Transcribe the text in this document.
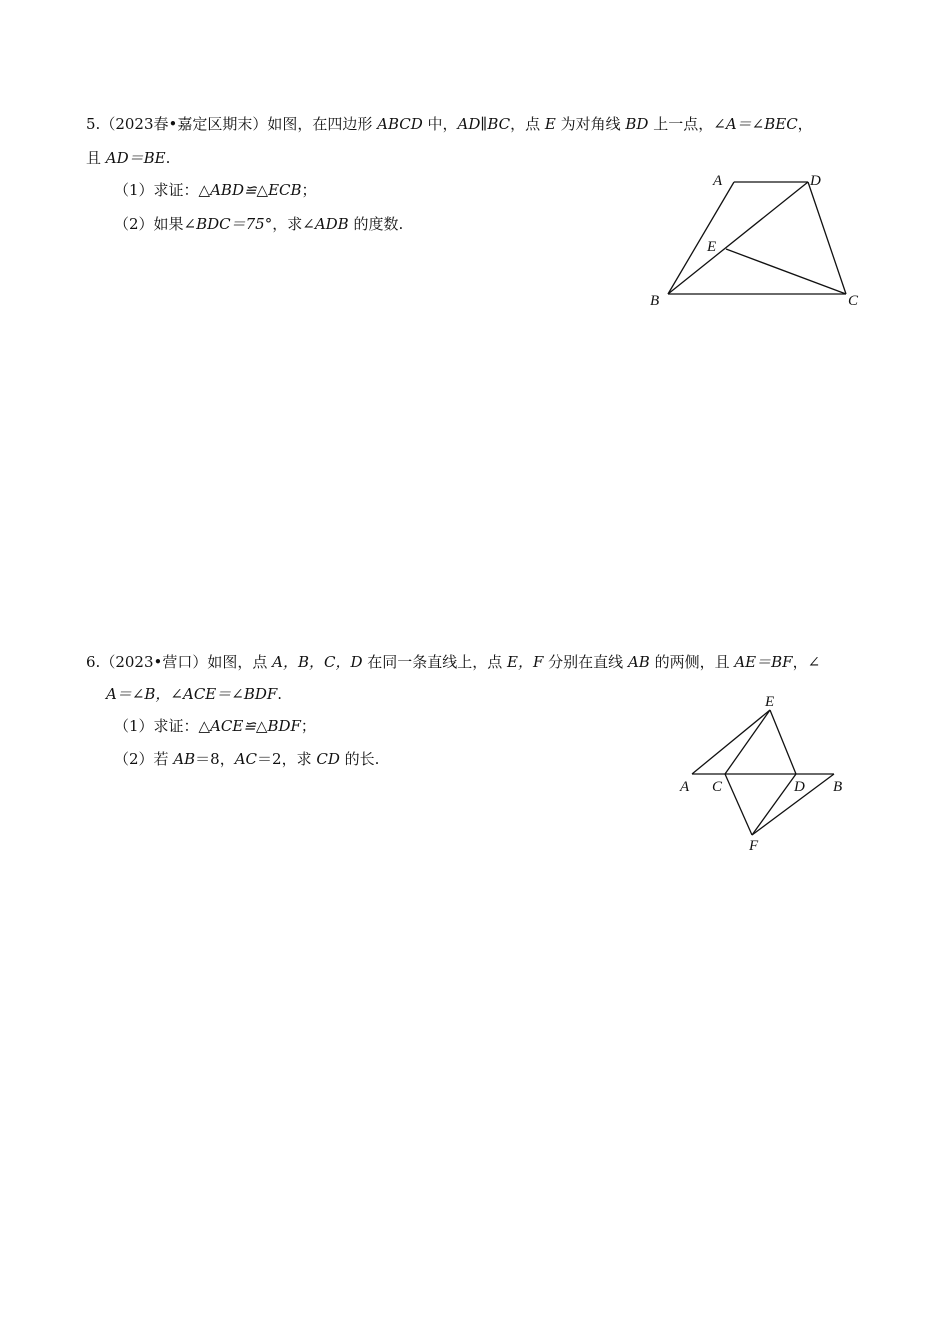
5.（2023春•嘉定区期末）如图，在四边形 ABCD 中，AD∥BC，点 E 为对角线 BD 上一点，∠A＝∠BEC，
且 AD＝BE.
（1）求证：△ABD≌△ECB；
（2）如果∠BDC＝75°，求∠ADB 的度数.
A	D
E
B	C
6.（2023•营口）如图，点 A，B，C，D 在同一条直线上，点 E，F 分别在直线 AB 的两侧，且 AE＝BF，∠
A＝∠B，∠ACE＝∠BDF.
（1）求证：△ACE≌△BDF；
（2）若 AB＝8，AC＝2，求 CD 的长.
E
A C	D B
F
